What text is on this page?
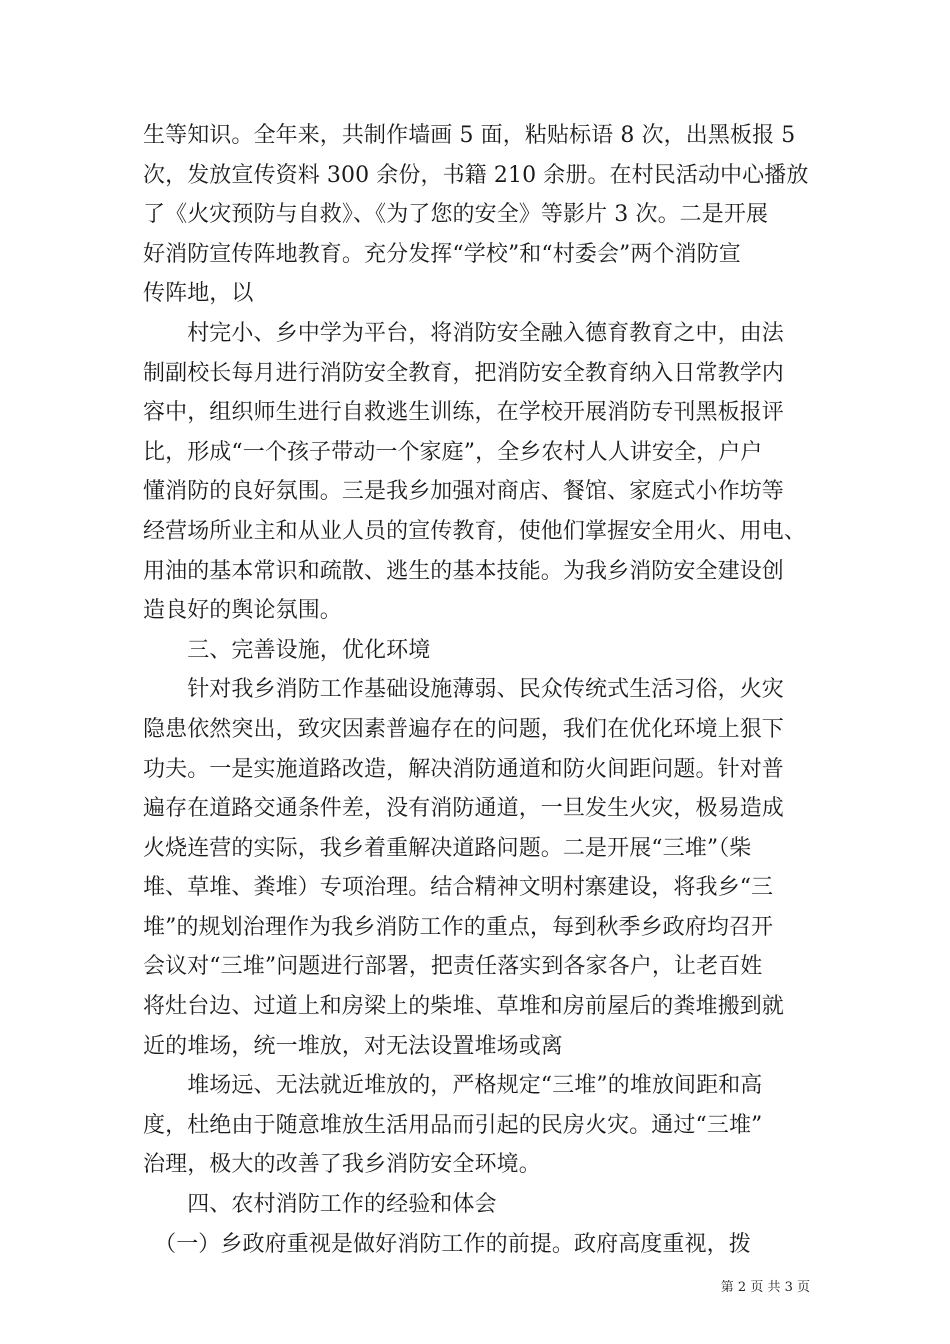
生等知识。全年来，共制作墙画 5 面，粘贴标语 8 次，出黑板报 5
次，发放宣传资料 300 余份，书籍 210 余册。在村民活动中心播放
了《火灾预防与自救》、《为了您的安全》等影片 3 次。二是开展
好消防宣传阵地教育。充分发挥“学校”和“村委会”两个消防宣
传阵地，以
　　村完小、乡中学为平台，将消防安全融入德育教育之中，由法
制副校长每月进行消防安全教育，把消防安全教育纳入日常教学内
容中，组织师生进行自救逃生训练，在学校开展消防专刊黑板报评
比，形成“一个孩子带动一个家庭”，全乡农村人人讲安全，户户
懂消防的良好氛围。三是我乡加强对商店、餐馆、家庭式小作坊等
经营场所业主和从业人员的宣传教育，使他们掌握安全用火、用电、
用油的基本常识和疏散、逃生的基本技能。为我乡消防安全建设创
造良好的舆论氛围。
　　三、完善设施，优化环境
　　针对我乡消防工作基础设施薄弱、民众传统式生活习俗，火灾
隐患依然突出，致灾因素普遍存在的问题，我们在优化环境上狠下
功夫。一是实施道路改造，解决消防通道和防火间距问题。针对普
遍存在道路交通条件差，没有消防通道，一旦发生火灾，极易造成
火烧连营的实际，我乡着重解决道路问题。二是开展“三堆”（柴
堆、草堆、粪堆）专项治理。结合精神文明村寨建设，将我乡“三
堆”的规划治理作为我乡消防工作的重点，每到秋季乡政府均召开
会议对“三堆”问题进行部署，把责任落实到各家各户，让老百姓
将灶台边、过道上和房梁上的柴堆、草堆和房前屋后的粪堆搬到就
近的堆场，统一堆放，对无法设置堆场或离
　　堆场远、无法就近堆放的，严格规定“三堆”的堆放间距和高
度，杜绝由于随意堆放生活用品而引起的民房火灾。通过“三堆”
治理，极大的改善了我乡消防安全环境。
　　四、农村消防工作的经验和体会
　（一）乡政府重视是做好消防工作的前提。政府高度重视，拨
第 2 页 共 3 页
